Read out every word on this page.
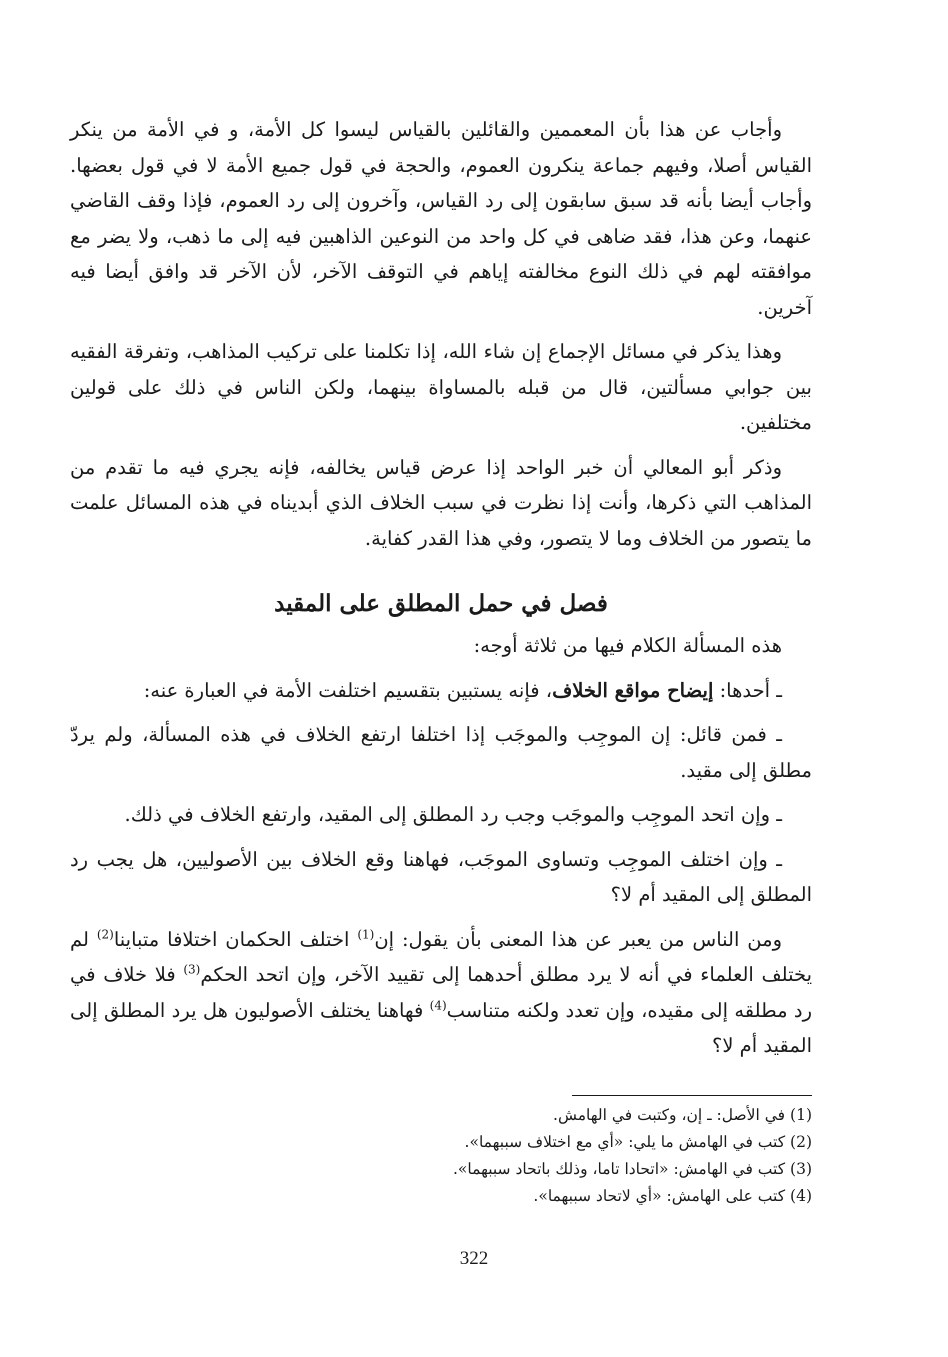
وأجاب عن هذا بأن المعممين والقائلين بالقياس ليسوا كل الأمة، و في الأمة من ينكر القياس أصلا، وفيهم جماعة ينكرون العموم، والحجة في قول جميع الأمة لا في قول بعضها. وأجاب أيضا بأنه قد سبق سابقون إلى رد القياس، وآخرون إلى رد العموم، فإذا وقف القاضي عنهما، وعن هذا، فقد ضاهى في كل واحد من النوعين الذاهبين فيه إلى ما ذهب، ولا يضر مع موافقته لهم في ذلك النوع مخالفته إياهم في التوقف الآخر، لأن الآخر قد وافق أيضا فيه آخرين.

وهذا يذكر في مسائل الإجماع إن شاء الله، إذا تكلمنا على تركيب المذاهب، وتفرقة الفقيه بين جوابي مسألتين، قال من قبله بالمساواة بينهما، ولكن الناس في ذلك على قولين مختلفين.

وذكر أبو المعالي أن خبر الواحد إذا عرض قياس يخالفه، فإنه يجري فيه ما تقدم من المذاهب التي ذكرها، وأنت إذا نظرت في سبب الخلاف الذي أبديناه في هذه المسائل علمت ما يتصور من الخلاف وما لا يتصور، وفي هذا القدر كفاية.

فصل في حمل المطلق على المقيد

هذه المسألة الكلام فيها من ثلاثة أوجه:

ـ أحدها: إيضاح مواقع الخلاف، فإنه يستبين بتقسيم اختلفت الأمة في العبارة عنه:

ـ فمن قائل: إن الموجِب والموجَب إذا اختلفا ارتفع الخلاف في هذه المسألة، ولم يردّ مطلق إلى مقيد.

ـ وإن اتحد الموجِب والموجَب وجب رد المطلق إلى المقيد، وارتفع الخلاف في ذلك.

ـ وإن اختلف الموجِب وتساوى الموجَب، فهاهنا وقع الخلاف بين الأصوليين، هل يجب رد المطلق إلى المقيد أم لا؟

ومن الناس من يعبر عن هذا المعنى بأن يقول: إن$^{(1)}$ اختلف الحكمان اختلافا متباينا$^{(2)}$ لم يختلف العلماء في أنه لا يرد مطلق أحدهما إلى تقييد الآخر، وإن اتحد الحكم$^{(3)}$ فلا خلاف في رد مطلقه إلى مقيده، وإن تعدد ولكنه متناسب$^{(4)}$ فهاهنا يختلف الأصوليون هل يرد المطلق إلى المقيد أم لا؟

(1) في الأصل: ـ إن، وكتبت في الهامش.

(2) كتب في الهامش ما يلي: «أي مع اختلاف سببهما».

(3) كتب في الهامش: «اتحادا تاما، وذلك باتحاد سببهما».

(4) كتب على الهامش: «أي لاتحاد سببهما».

322
